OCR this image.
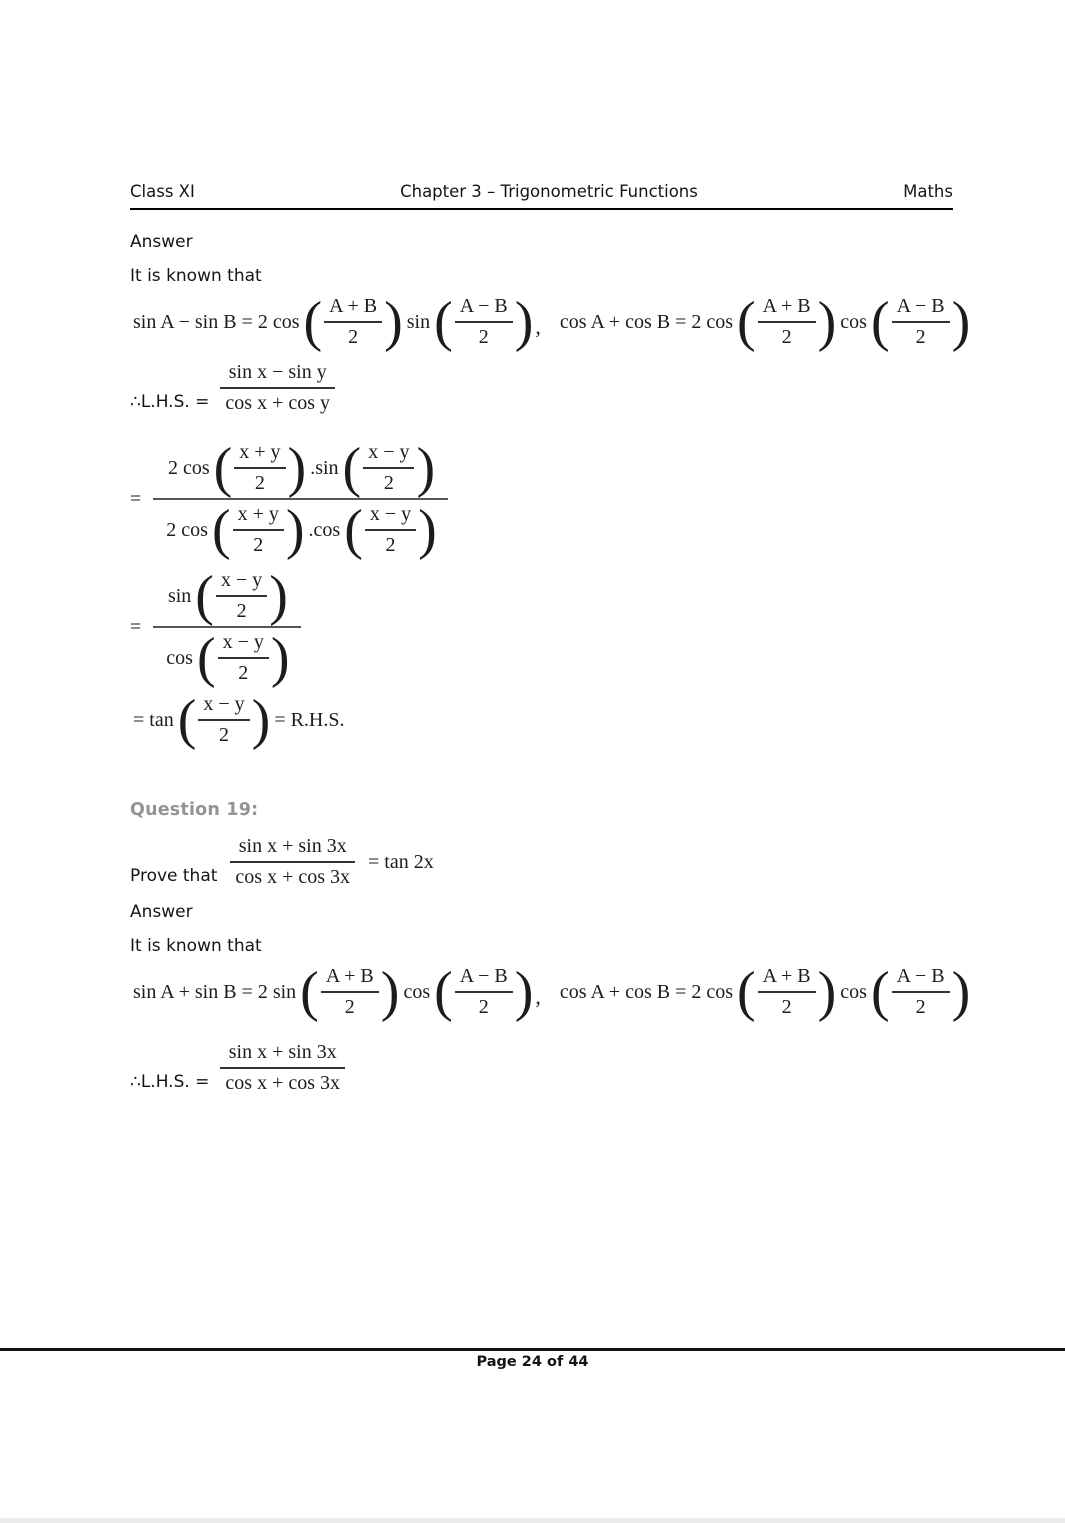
Class XI	Chapter 3 – Trigonometric Functions	Maths

Answer

It is known that

sin A − sin B = 2 cos ( $\frac{A + B}{2}$ ) sin ( $\frac{A - B}{2}$ ) , cos A + cos B = 2 cos ( $\frac{A + B}{2}$ ) cos ( $\frac{A - B}{2}$ )
∴L.H.S. = $\frac{\text{sin x − sin y}}{\text{cos x + cos y}}$
=
2 cos ( $\frac{x + y}{2}$ ) .sin ( $\frac{x - y}{2}$ )
2 cos ( $\frac{x + y}{2}$ ) .cos ( $\frac{x - y}{2}$ )
=
sin ( $\frac{x - y}{2}$ )
cos ( $\frac{x - y}{2}$ )
= tan ( $\frac{x - y}{2}$ ) = R.H.S.

Question 19:

Prove that $\frac{\text{sin x + sin 3x}}{\text{cos x + cos 3x}} = \tan 2x$

Answer

It is known that

sin A + sin B = 2 sin ( $\frac{A + B}{2}$ ) cos ( $\frac{A - B}{2}$ ) , cos A + cos B = 2 cos ( $\frac{A + B}{2}$ ) cos ( $\frac{A - B}{2}$ )
∴L.H.S. = $\frac{\text{sin x + sin 3x}}{\text{cos x + cos 3x}}$
Page 24 of 44
